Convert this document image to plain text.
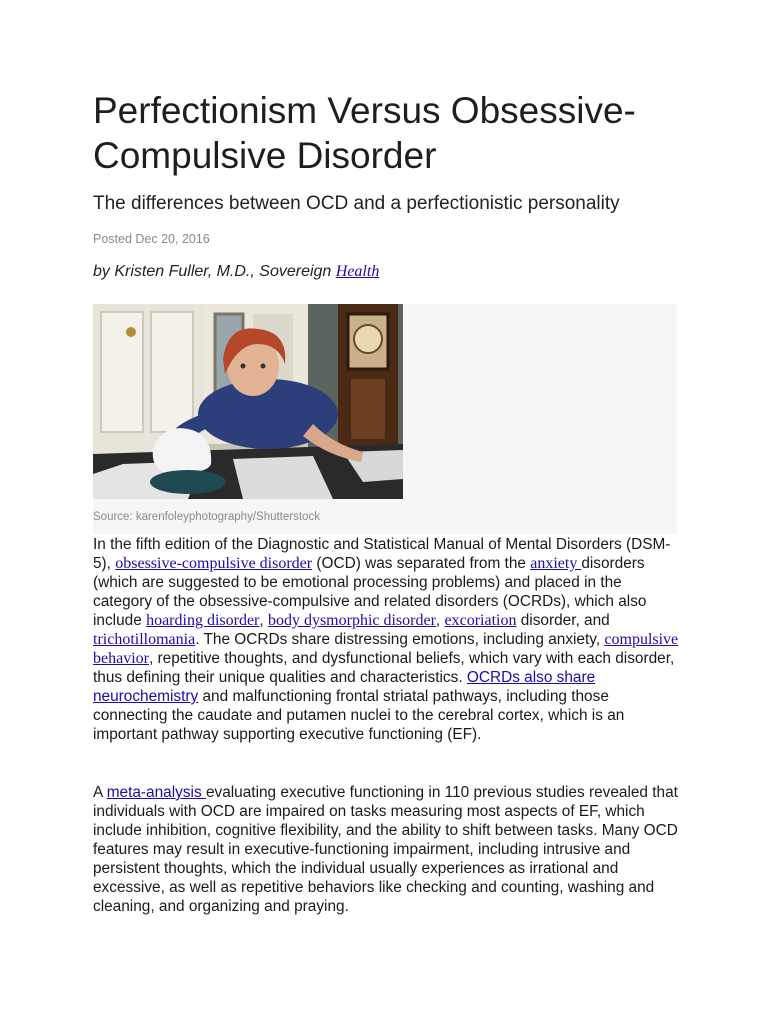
Perfectionism Versus Obsessive-Compulsive Disorder
The differences between OCD and a perfectionistic personality
Posted Dec 20, 2016
by Kristen Fuller, M.D., Sovereign Health
Source: karenfoleyphotography/Shutterstock

In the fifth edition of the Diagnostic and Statistical Manual of Mental Disorders (DSM-5), obsessive-compulsive disorder (OCD) was separated from the anxiety disorders (which are suggested to be emotional processing problems) and placed in the category of the obsessive-compulsive and related disorders (OCRDs), which also include hoarding disorder, body dysmorphic disorder, excoriation disorder, and trichotillomania. The OCRDs share distressing emotions, including anxiety, compulsive behavior, repetitive thoughts, and dysfunctional beliefs, which vary with each disorder, thus defining their unique qualities and characteristics. OCRDs also share neurochemistry and malfunctioning frontal striatal pathways, including those connecting the caudate and putamen nuclei to the cerebral cortex, which is an important pathway supporting executive functioning (EF).

A meta-analysis evaluating executive functioning in 110 previous studies revealed that individuals with OCD are impaired on tasks measuring most aspects of EF, which include inhibition, cognitive flexibility, and the ability to shift between tasks. Many OCD features may result in executive-functioning impairment, including intrusive and persistent thoughts, which the individual usually experiences as irrational and excessive, as well as repetitive behaviors like checking and counting, washing and cleaning, and organizing and praying.
